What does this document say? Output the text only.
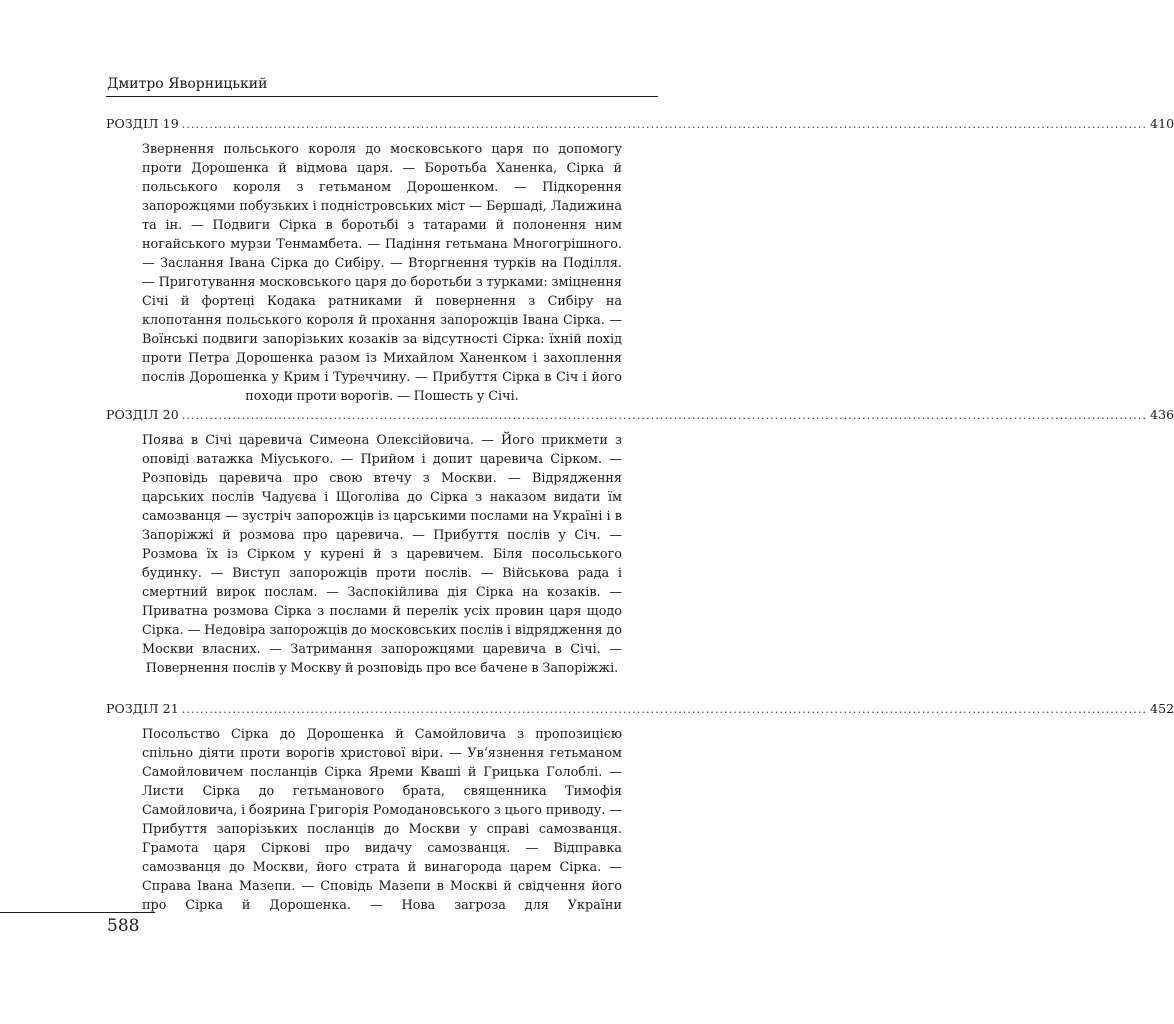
Дмитро Яворницький
РОЗДІЛ 19 .................................................................................................................................................................................................................. 410

Звернення польського короля до московського царя по допомогу проти Дорошенка й відмова царя. — Боротьба Ханенка, Сірка й польського короля з гетьманом Дорошенком. — Підкорення запорожцями побузьких і подністровських міст — Бершаді, Ладижина та ін. — Подвиги Сірка в боротьбі з татарами й полонення ним ногайського мурзи Тенмамбета. — Падіння гетьмана Многогрішного. — Заслання Івана Сірка до Сибіру. — Вторгнення турків на Поділля. — Приготування московського царя до боротьби з турками: зміцнення Січі й фортеці Кодака ратниками й повернення з Сибіру на клопотання польського короля й прохання запорожців Івана Сірка. — Воїнські подвиги запорізьких козаків за відсутності Сірка: їхній похід проти Петра Дорошенка разом із Михайлом Ханенком і захоплення послів Дорошенка у Крим і Туреччину. — Прибуття Сірка в Січ і його походи проти ворогів. — Пошесть у Січі.

РОЗДІЛ 20 .................................................................................................................................................................................................................. 436

Поява в Січі царевича Симеона Олексійовича. — Його прикмети з оповіді ватажка Міуського. — Прийом і допит царевича Сірком. — Розповідь царевича про свою втечу з Москви. — Відрядження царських послів Чадуєва і Щоголіва до Сірка з наказом видати їм самозванця — зустріч запорожців із царськими послами на Україні і в Запоріжжі й розмова про царевича. — Прибуття послів у Січ. — Розмова їх із Сірком у курені й з царевичем. Біля посольського будинку. — Виступ запорожців проти послів. — Військова рада і смертний вирок послам. — Заспокійлива дія Сірка на козаків. — Приватна розмова Сірка з послами й перелік усіх провин царя щодо Сірка. — Недовіра запорожців до московських послів і відрядження до Москви власних. — Затримання запорожцями царевича в Січі. — Повернення послів у Москву й розповідь про все бачене в Запоріжжі.

РОЗДІЛ 21 .................................................................................................................................................................................................................. 452

Посольство Сірка до Дорошенка й Самойловича з пропозицією спільно діяти проти ворогів христової віри. — Ув’язнення гетьманом Самойловичем посланців Сірка Яреми Кваші й Грицька Голоблі. — Листи Сірка до гетьманового брата, священника Тимофія Самойловича, і боярина Григорія Ромодановського з цього приводу. — Прибуття запорізьких посланців до Москви у справі самозванця. Грамота царя Сіркові про видачу самозванця. — Відправка самозванця до Москви, його страта й винагорода царем Сірка. — Справа Івана Мазепи. — Сповідь Мазепи в Москві й свідчення його про Сірка й Дорошенка. — Нова загроза для України

588
